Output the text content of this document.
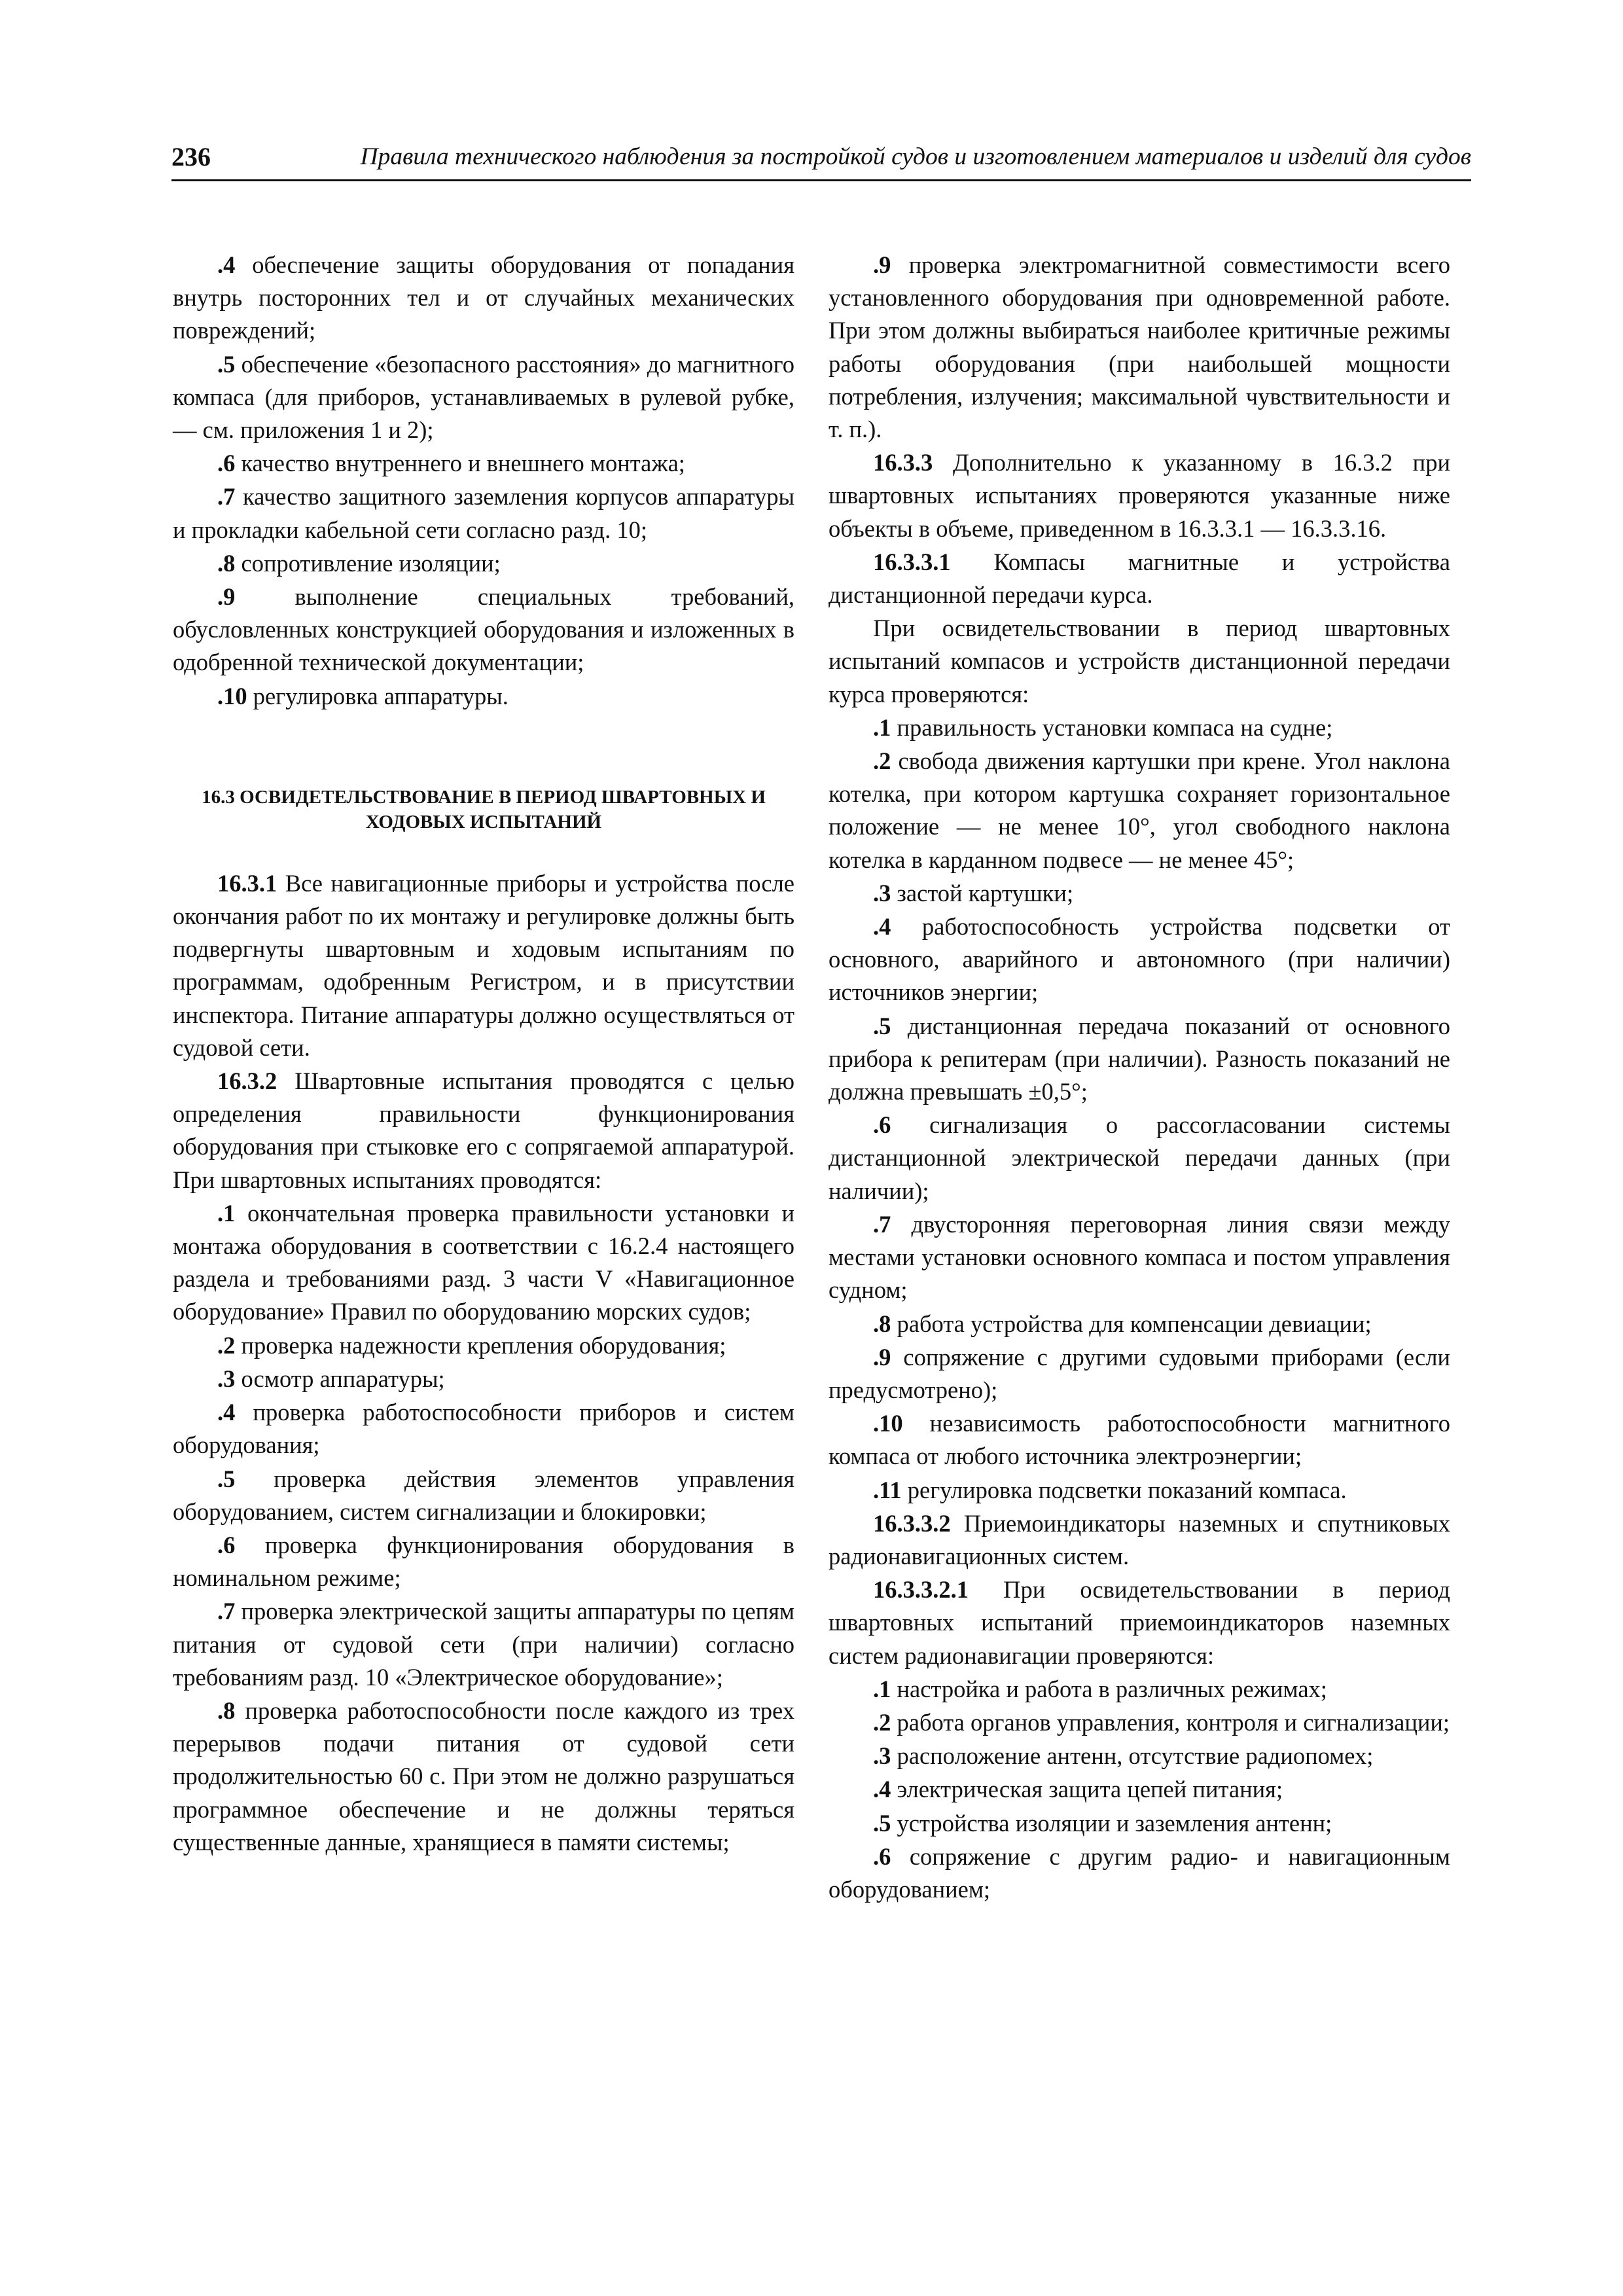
236	Правила технического наблюдения за постройкой судов и изготовлением материалов и изделий для судов

.4 обеспечение защиты оборудования от попадания внутрь посторонних тел и от случайных механических повреждений;

.5 обеспечение «безопасного расстояния» до магнитного компаса (для приборов, устанавливаемых в рулевой рубке, — см. приложения 1 и 2);

.6 качество внутреннего и внешнего монтажа;

.7 качество защитного заземления корпусов аппаратуры и прокладки кабельной сети согласно разд. 10;

.8 сопротивление изоляции;

.9 выполнение специальных требований, обусловленных конструкцией оборудования и изложенных в одобренной технической документации;

.10 регулировка аппаратуры.

16.3 ОСВИДЕТЕЛЬСТВОВАНИЕ В ПЕРИОД ШВАРТОВНЫХ И ХОДОВЫХ ИСПЫТАНИЙ

16.3.1 Все навигационные приборы и устройства после окончания работ по их монтажу и регулировке должны быть подвергнуты швартовным и ходовым испытаниям по программам, одобренным Регистром, и в присутствии инспектора. Питание аппаратуры должно осуществляться от судовой сети.

16.3.2 Швартовные испытания проводятся с целью определения правильности функционирования оборудования при стыковке его с сопрягаемой аппаратурой. При швартовных испытаниях проводятся:

.1 окончательная проверка правильности установки и монтажа оборудования в соответствии с 16.2.4 настоящего раздела и требованиями разд. 3 части V «Навигационное оборудование» Правил по оборудованию морских судов;

.2 проверка надежности крепления оборудования;

.3 осмотр аппаратуры;

.4 проверка работоспособности приборов и систем оборудования;

.5 проверка действия элементов управления оборудованием, систем сигнализации и блокировки;

.6 проверка функционирования оборудования в номинальном режиме;

.7 проверка электрической защиты аппаратуры по цепям питания от судовой сети (при наличии) согласно требованиям разд. 10 «Электрическое оборудование»;

.8 проверка работоспособности после каждого из трех перерывов подачи питания от судовой сети продолжительностью 60 с. При этом не должно разрушаться программное обеспечение и не должны теряться существенные данные, хранящиеся в памяти системы;

.9 проверка электромагнитной совместимости всего установленного оборудования при одновременной работе. При этом должны выбираться наиболее критичные режимы работы оборудования (при наибольшей мощности потребления, излучения; максимальной чувствительности и т. п.).

16.3.3 Дополнительно к указанному в 16.3.2 при швартовных испытаниях проверяются указанные ниже объекты в объеме, приведенном в 16.3.3.1 — 16.3.3.16.

16.3.3.1 Компасы магнитные и устройства дистанционной передачи курса.

При освидетельствовании в период швартовных испытаний компасов и устройств дистанционной передачи курса проверяются:

.1 правильность установки компаса на судне;

.2 свобода движения картушки при крене. Угол наклона котелка, при котором картушка сохраняет горизонтальное положение — не менее 10°, угол свободного наклона котелка в карданном подвесе — не менее 45°;

.3 застой картушки;

.4 работоспособность устройства подсветки от основного, аварийного и автономного (при наличии) источников энергии;

.5 дистанционная передача показаний от основного прибора к репитерам (при наличии). Разность показаний не должна превышать ±0,5°;

.6 сигнализация о рассогласовании системы дистанционной электрической передачи данных (при наличии);

.7 двусторонняя переговорная линия связи между местами установки основного компаса и постом управления судном;

.8 работа устройства для компенсации девиации;

.9 сопряжение с другими судовыми приборами (если предусмотрено);

.10 независимость работоспособности магнитного компаса от любого источника электроэнергии;

.11 регулировка подсветки показаний компаса.

16.3.3.2 Приемоиндикаторы наземных и спутниковых радионавигационных систем.

16.3.3.2.1 При освидетельствовании в период швартовных испытаний приемоиндикаторов наземных систем радионавигации проверяются:

.1 настройка и работа в различных режимах;

.2 работа органов управления, контроля и сигнализации;

.3 расположение антенн, отсутствие радиопомех;

.4 электрическая защита цепей питания;

.5 устройства изоляции и заземления антенн;

.6 сопряжение с другим радио- и навигационным оборудованием;
